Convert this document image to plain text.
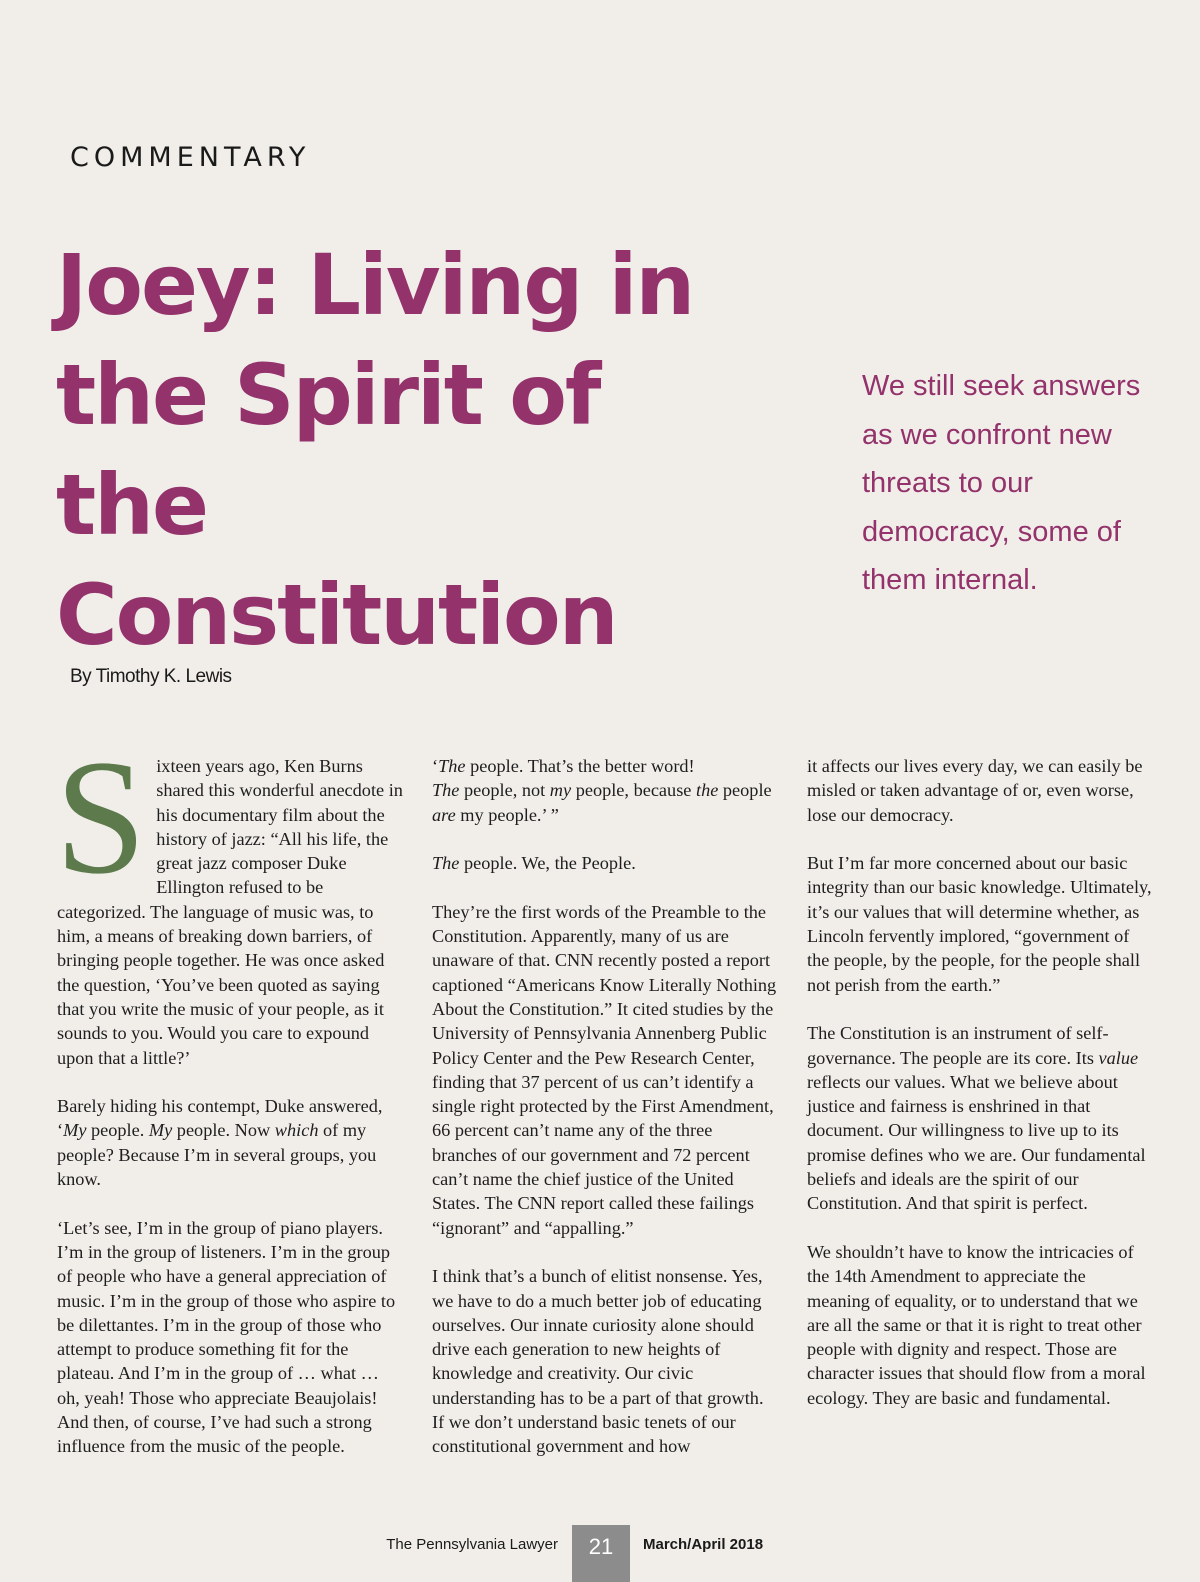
COMMENTARY
Joey: Living in the Spirit of the Constitution

We still seek answers as we confront new threats to our democracy, some of them internal.

By Timothy K. Lewis

Sixteen years ago, Ken Burns shared this wonderful anecdote in his documentary film about the history of jazz: “All his life, the great jazz composer Duke Ellington refused to be categorized. The language of music was, to him, a means of breaking down barriers, of bringing people together. He was once asked the question, ‘You’ve been quoted as saying that you write the music of your people, as it sounds to you. Would you care to expound upon that a little?’

Barely hiding his contempt, Duke answered, ‘My people. My people. Now which of my people? Because I’m in several groups, you know.

‘Let’s see, I’m in the group of piano players. I’m in the group of listeners. I’m in the group of people who have a general appreciation of music. I’m in the group of those who aspire to be dilettantes. I’m in the group of those who attempt to produce something fit for the plateau. And I’m in the group of … what … oh, yeah! Those who appreciate Beaujolais! And then, of course, I’ve had such a strong influence from the music of the people.

‘The people. That’s the better word!
The people, not my people, because the people are my people.’ ”

The people. We, the People.

They’re the first words of the Preamble to the Constitution. Apparently, many of us are unaware of that. CNN recently posted a report captioned “Americans Know Literally Nothing About the Constitution.” It cited studies by the University of Pennsylvania Annenberg Public Policy Center and the Pew Research Center, finding that 37 percent of us can’t identify a single right protected by the First Amendment, 66 percent can’t name any of the three branches of our government and 72 percent can’t name the chief justice of the United States. The CNN report called these failings “ignorant” and “appalling.”

I think that’s a bunch of elitist nonsense. Yes, we have to do a much better job of educating ourselves. Our innate curiosity alone should drive each generation to new heights of knowledge and creativity. Our civic understanding has to be a part of that growth. If we don’t understand basic tenets of our constitutional government and how

it affects our lives every day, we can easily be misled or taken advantage of or, even worse, lose our democracy.

But I’m far more concerned about our basic integrity than our basic knowledge. Ultimately, it’s our values that will determine whether, as Lincoln fervently implored, “government of the people, by the people, for the people shall not perish from the earth.”

The Constitution is an instrument of self-governance. The people are its core. Its value reflects our values. What we believe about justice and fairness is enshrined in that document. Our willingness to live up to its promise defines who we are. Our fundamental beliefs and ideals are the spirit of our Constitution. And that spirit is perfect.

We shouldn’t have to know the intricacies of the 14th Amendment to appreciate the meaning of equality, or to understand that we are all the same or that it is right to treat other people with dignity and respect. Those are character issues that should flow from a moral ecology. They are basic and fundamental.

The Pennsylvania Lawyer	21	March/April 2018
